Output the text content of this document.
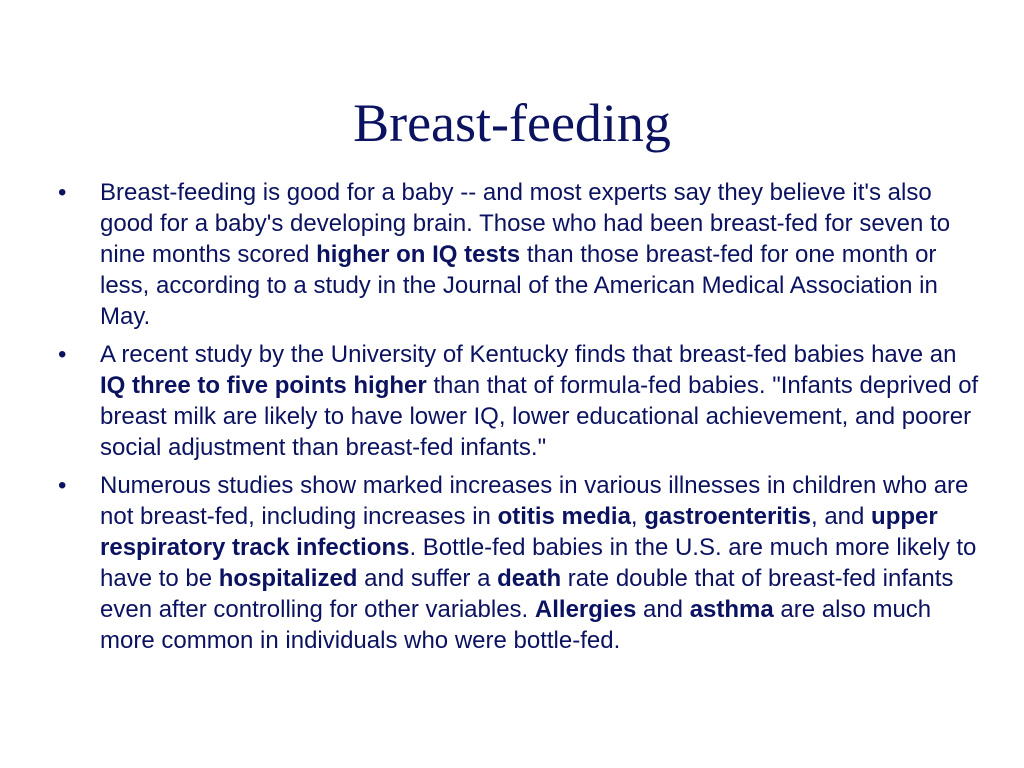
Breast-feeding
•	Breast-feeding is good for a baby -- and most experts say they believe it's also good for a baby's developing brain. Those who had been breast-fed for seven to nine months scored higher on IQ tests than those breast-fed for one month or less, according to a study in the Journal of the American Medical Association in May.
•	A recent study by the University of Kentucky finds that breast-fed babies have an IQ three to five points higher than that of formula-fed babies. "Infants deprived of breast milk are likely to have lower IQ, lower educational achievement, and poorer social adjustment than breast-fed infants."
•	Numerous studies show marked increases in various illnesses in children who are not breast-fed, including increases in otitis media, gastroenteritis, and upper respiratory track infections. Bottle-fed babies in the U.S. are much more likely to have to be hospitalized and suffer a death rate double that of breast-fed infants even after controlling for other variables. Allergies and asthma are also much more common in individuals who were bottle-fed.
